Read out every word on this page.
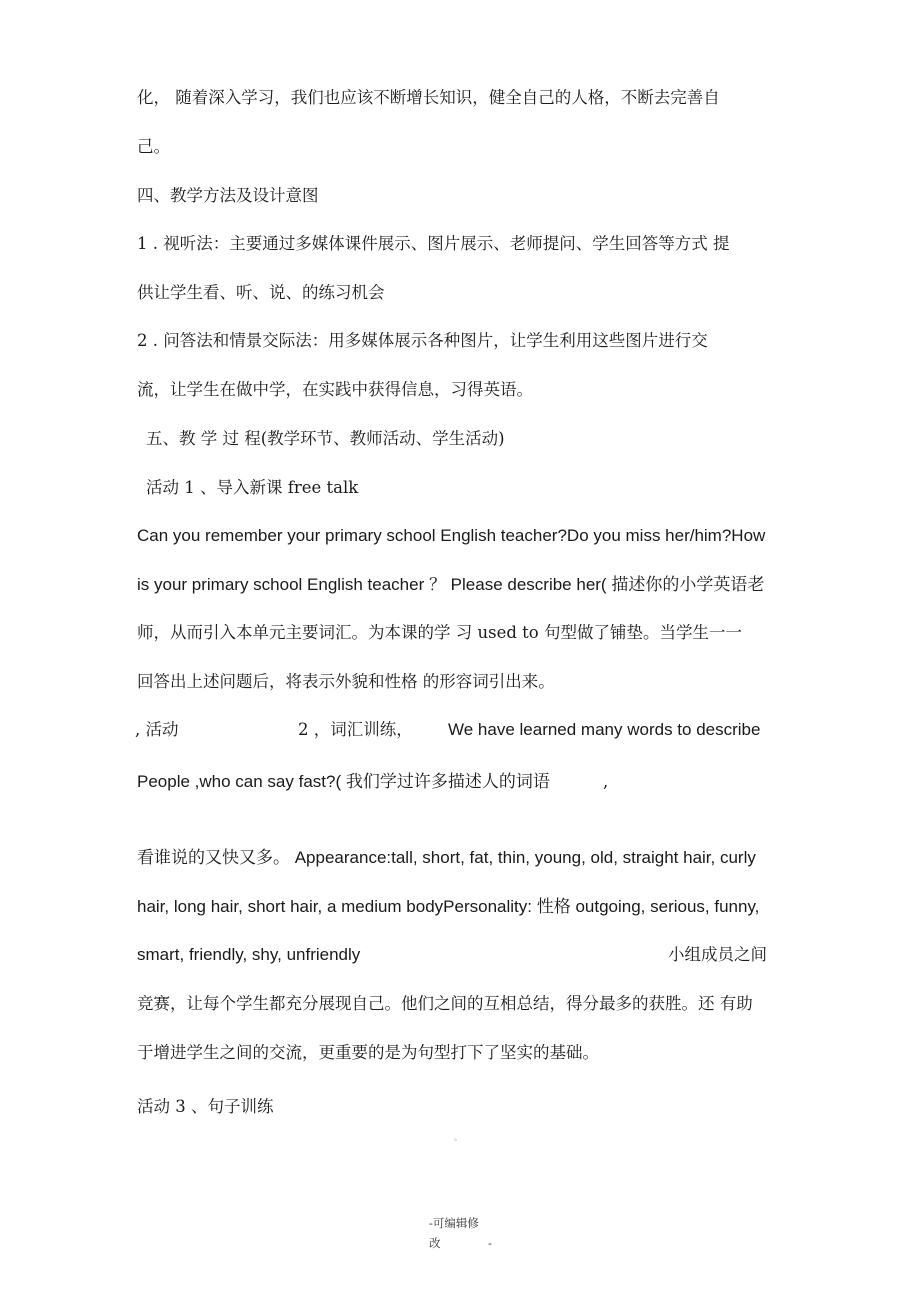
化， 随着深入学习，我们也应该不断增长知识，健全自己的人格，不断去完善自

己。

四、教学方法及设计意图

1 . 视听法：主要通过多媒体课件展示、图片展示、老师提问、学生回答等方式 提

供让学生看、听、说、的练习机会

2 . 问答法和情景交际法：用多媒体展示各种图片，让学生利用这些图片进行交

流，让学生在做中学，在实践中获得信息，习得英语。

五、教 学 过 程(教学环节、教师活动、学生活动)

活动 1 、导入新课 free talk

Can you remember your primary school English teacher?Do you miss her/him?How

is your primary school English teacher ？ Please describe her( 描述你的小学英语老

师，从而引入本单元主要词汇。为本课的学 习 used to 句型做了铺垫。当学生一一

回答出上述问题后，将表示外貌和性格 的形容词引出来。

, 活动	2 ，词汇训练， We have learned many words to describe
People ,who can say fast?( 我们学过许多描述人的词语	,

看谁说的又快又多。 Appearance:tall, short, fat, thin, young, old, straight hair, curly

hair, long hair, short hair, a medium bodyPersonality: 性格 outgoing, serious, funny,

smart, friendly, shy, unfriendly	小组成员之间

竞赛，让每个学生都充分展现自己。他们之间的互相总结，得分最多的获胜。还 有助

于增进学生之间的交流，更重要的是为句型打下了坚实的基础。

活动 3 、句子训练

。
-可编辑修
改	-
